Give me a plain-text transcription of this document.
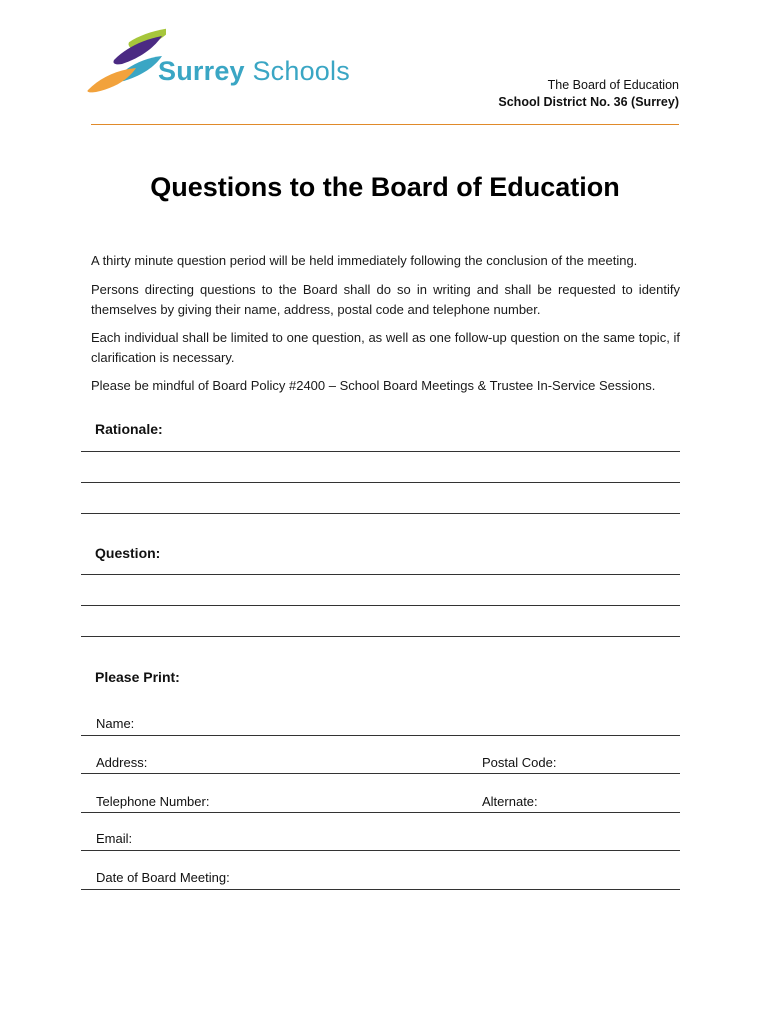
Surrey Schools	The Board of Education
School District No. 36 (Surrey)
Questions to the Board of Education
A thirty minute question period will be held immediately following the conclusion of the meeting.
Persons directing questions to the Board shall do so in writing and shall be requested to identify themselves by giving their name, address, postal code and telephone number.
Each individual shall be limited to one question, as well as one follow-up question on the same topic, if clarification is necessary.
Please be mindful of Board Policy #2400 – School Board Meetings & Trustee In-Service Sessions.
Rationale:
Question:
Please Print:
Name:
Address:	Postal Code:
Telephone Number:	Alternate:
Email:
Date of Board Meeting:
